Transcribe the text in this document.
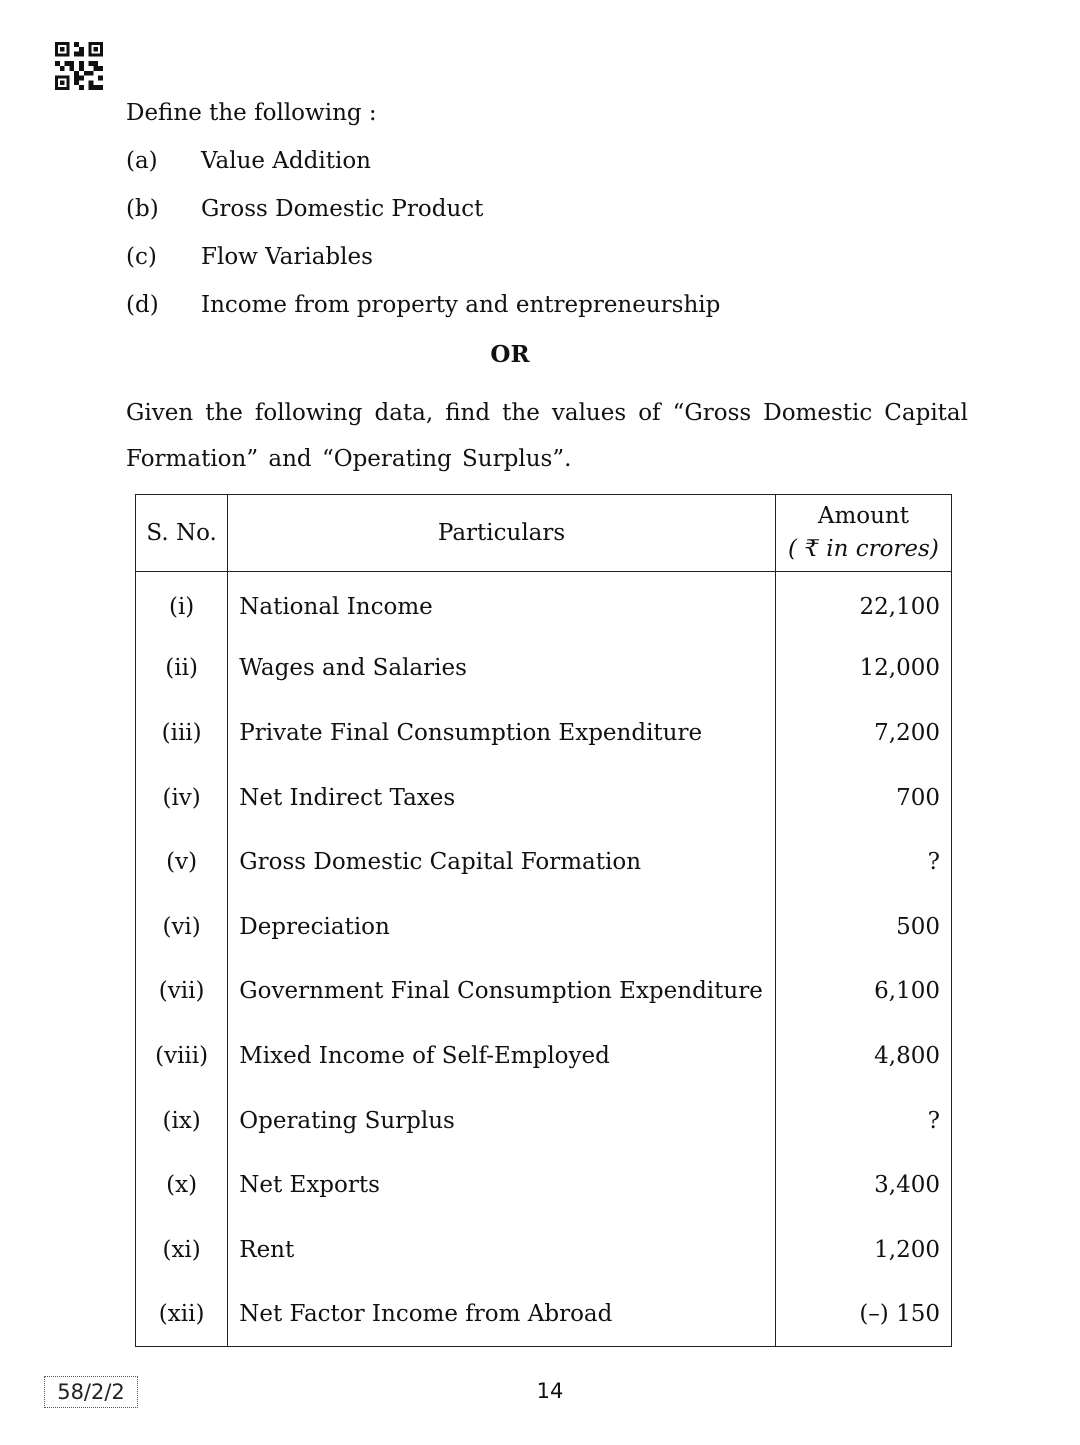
Define the following :

(a)	Value Addition
(b)	Gross Domestic Product
(c)	Flow Variables
(d)	Income from property and entrepreneurship

OR

Given the following data, find the values of “Gross Domestic Capital Formation” and “Operating Surplus”.

S. No.	Particulars	Amount
( ₹ in crores)

(i)	National Income	22,100
(ii)	Wages and Salaries	12,000
(iii)	Private Final Consumption Expenditure	7,200
(iv)	Net Indirect Taxes	700
(v)	Gross Domestic Capital Formation	?
(vi)	Depreciation	500
(vii)	Government Final Consumption Expenditure	6,100
(viii)	Mixed Income of Self-Employed	4,800
(ix)	Operating Surplus	?
(x)	Net Exports	3,400
(xi)	Rent	1,200
(xii)	Net Factor Income from Abroad	(–) 150
58/2/2	14
